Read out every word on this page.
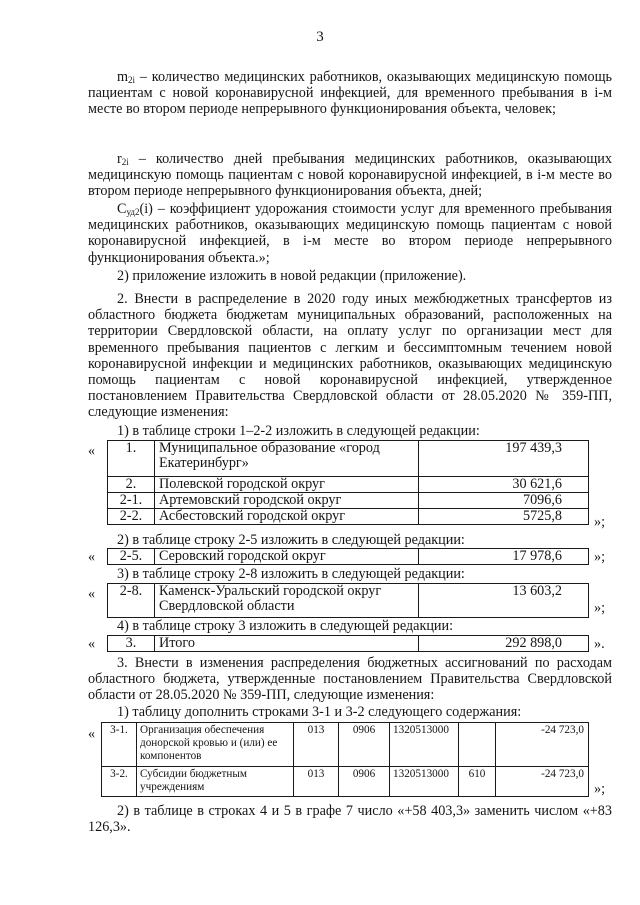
3
$m_{2i}$ – количество медицинских работников, оказывающих медицинскую помощь пациентам с новой коронавирусной инфекцией, для временного пребывания в i-м месте во втором периоде непрерывного функционирования объекта, человек;
$r_{2i}$ – количество дней пребывания медицинских работников, оказывающих медицинскую помощь пациентам с новой коронавирусной инфекцией, в i-м месте во втором периоде непрерывного функционирования объекта, дней;
$С_{уд2}(i)$ – коэффициент удорожания стоимости услуг для временного пребывания медицинских работников, оказывающих медицинскую помощь пациентам с новой коронавирусной инфекцией, в i-м месте во втором периоде непрерывного функционирования объекта.»;
2) приложение изложить в новой редакции (приложение).
2. Внести в распределение в 2020 году иных межбюджетных трансфертов из областного бюджета бюджетам муниципальных образований, расположенных на территории Свердловской области, на оплату услуг по организации мест для временного пребывания пациентов с легким и бессимптомным течением новой коронавирусной инфекции и медицинских работников, оказывающих медицинскую помощь пациентам с новой коронавирусной инфекцией, утвержденное постановлением Правительства Свердловской области от 28.05.2020 № 359-ПП, следующие изменения:
1) в таблице строки 1–2-2 изложить в следующей редакции:
« 1.	Муниципальное образование «город Екатеринбург»	197 439,3
2.	Полевской городской округ	30 621,6
2-1.	Артемовский городской округ	7096,6
2-2.	Асбестовский городской округ	5725,8 »;
2) в таблице строку 2-5 изложить в следующей редакции:
« 2-5.	Серовский городской округ	17 978,6 »;
3) в таблице строку 2-8 изложить в следующей редакции:
« 2-8.	Каменск-Уральский городской округ Свердловской области	13 603,2
»;
4) в таблице строку 3 изложить в следующей редакции:
« 3.	Итого	292 898,0 ».
3. Внести в изменения распределения бюджетных ассигнований по расходам областного бюджета, утвержденные постановлением Правительства Свердловской области от 28.05.2020 № 359-ПП, следующие изменения:
1) таблицу дополнить строками 3-1 и 3-2 следующего содержания:
« 3-1.	Организация обеспечения донорской кровью и (или) ее компонентов	013	0906	1320513000		-24 723,0
3-2.	Субсидии бюджетным учреждениям	013	0906	1320513000	610	-24 723,0
»;
2) в таблице в строках 4 и 5 в графе 7 число «+58 403,3» заменить числом «+83 126,3».
